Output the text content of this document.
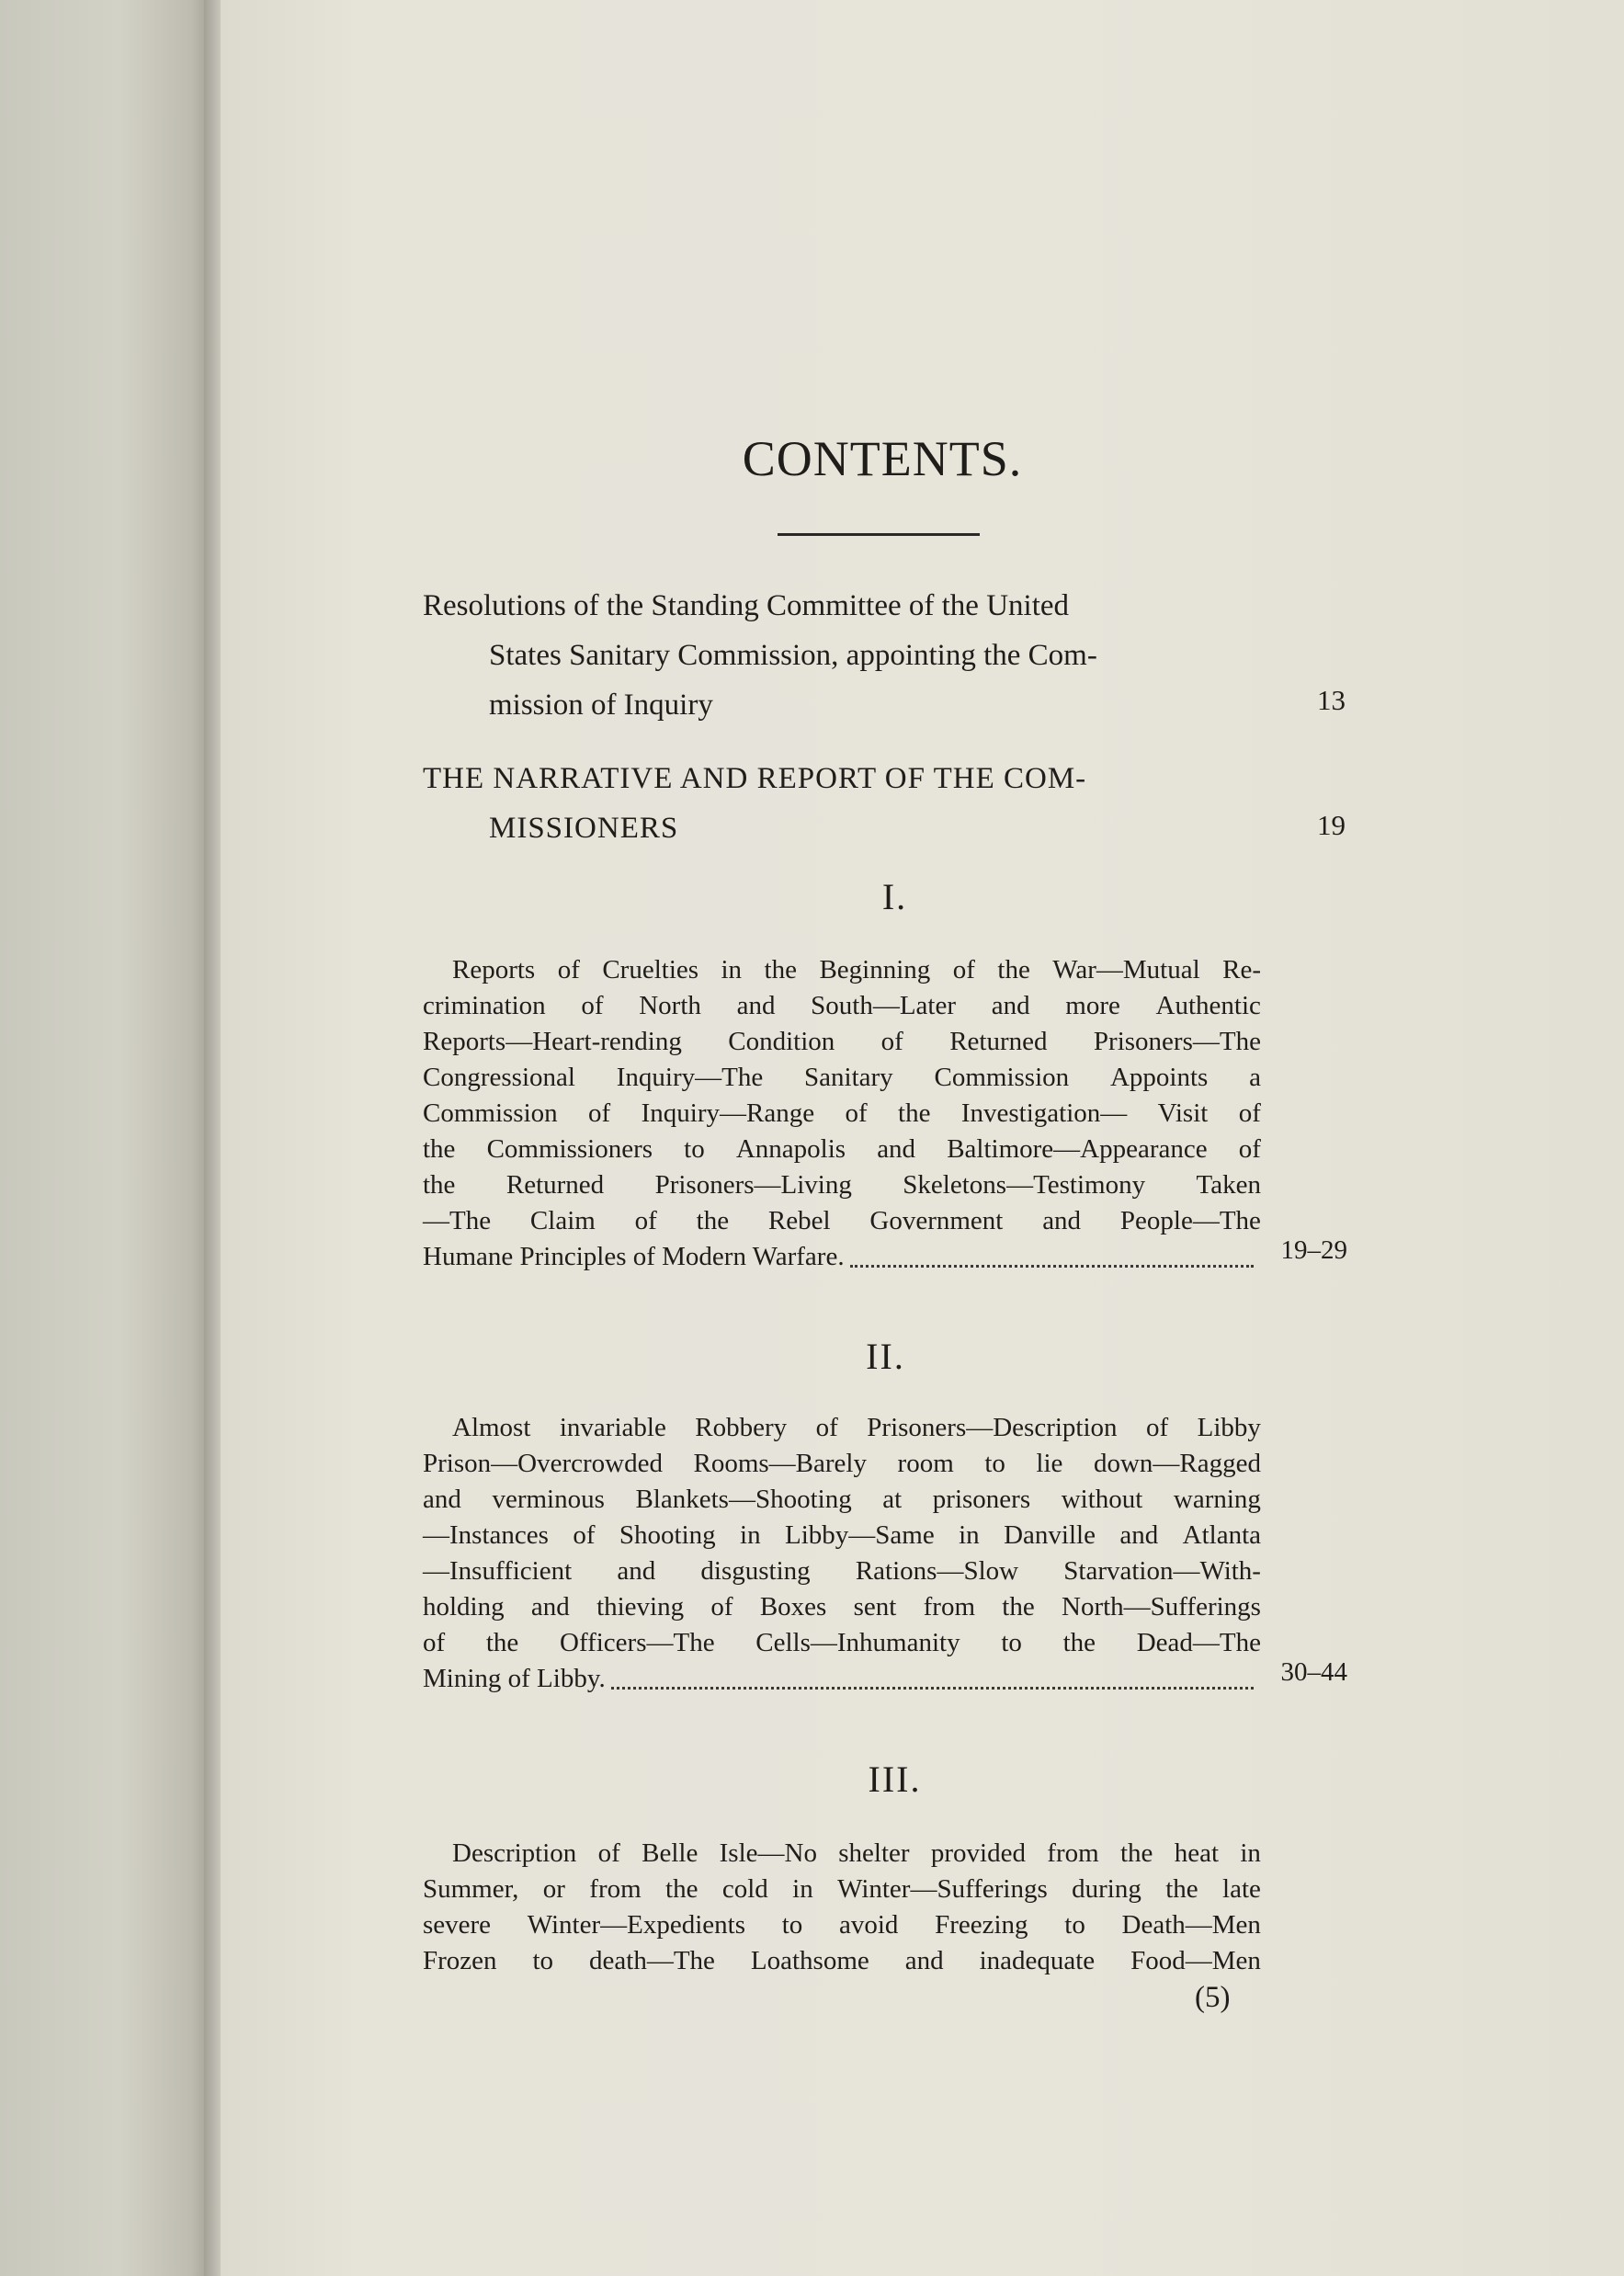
CONTENTS.
Resolutions of the Standing Committee of the United
States Sanitary Commission, appointing the Com-
mission of Inquiry	13
THE NARRATIVE AND REPORT OF THE COM-
MISSIONERS	19
I.
Reports of Cruelties in the Beginning of the War—Mutual Re-
crimination of North and South—Later and more Authentic
Reports—Heart-rending Condition of Returned Prisoners—The
Congressional Inquiry—The Sanitary Commission Appoints a
Commission of Inquiry—Range of the Investigation— Visit of
the Commissioners to Annapolis and Baltimore—Appearance of
the Returned Prisoners—Living Skeletons—Testimony Taken
—The Claim of the Rebel Government and People—The
Humane Principles of Modern Warfare.	19–29
II.
Almost invariable Robbery of Prisoners—Description of Libby
Prison—Overcrowded Rooms—Barely room to lie down—Ragged
and verminous Blankets—Shooting at prisoners without warning
—Instances of Shooting in Libby—Same in Danville and Atlanta
—Insufficient and disgusting Rations—Slow Starvation—With-
holding and thieving of Boxes sent from the North—Sufferings
of the Officers—The Cells—Inhumanity to the Dead—The
Mining of Libby.	30–44
III.
Description of Belle Isle—No shelter provided from the heat in
Summer, or from the cold in Winter—Sufferings during the late
severe Winter—Expedients to avoid Freezing to Death—Men
Frozen to death—The Loathsome and inadequate Food—Men
(5)
